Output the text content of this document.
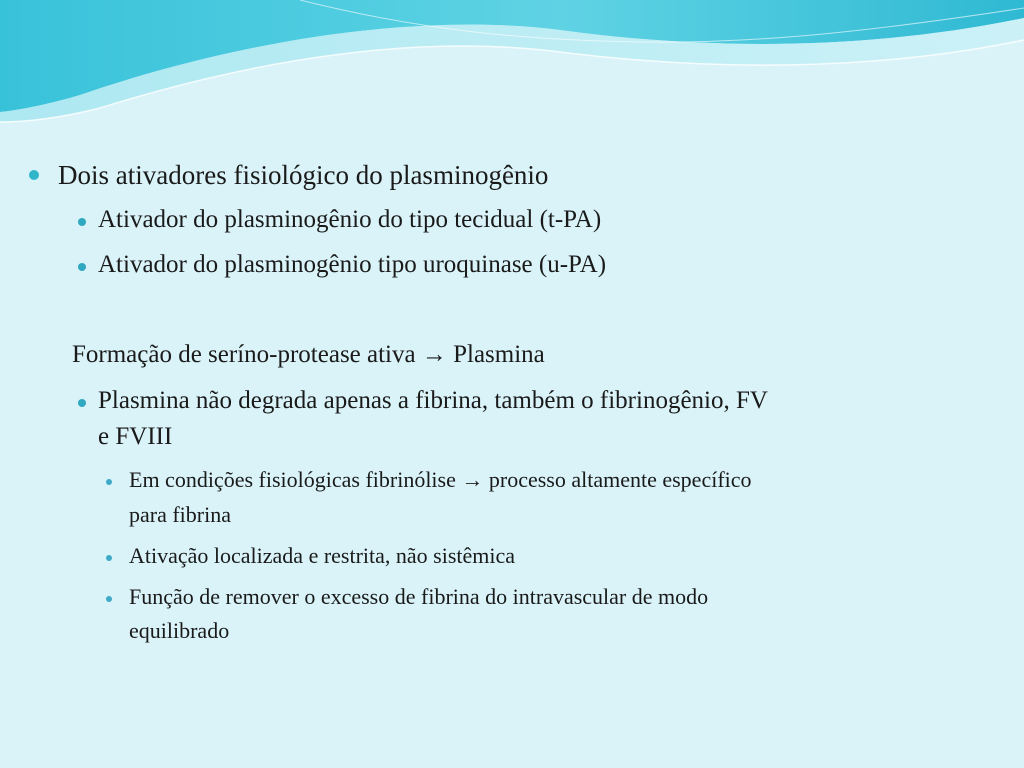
Dois ativadores fisiológico do plasminogênio
Ativador do plasminogênio do tipo tecidual (t-PA)
Ativador do plasminogênio tipo uroquinase (u-PA)
Formação de seríno-protease ativa → Plasmina
Plasmina não degrada apenas a fibrina, também o fibrinogênio, FV
e FVIII
Em condições fisiológicas fibrinólise → processo altamente específico
para fibrina
Ativação localizada e restrita, não sistêmica
Função de remover o excesso de fibrina do intravascular de modo
equilibrado
